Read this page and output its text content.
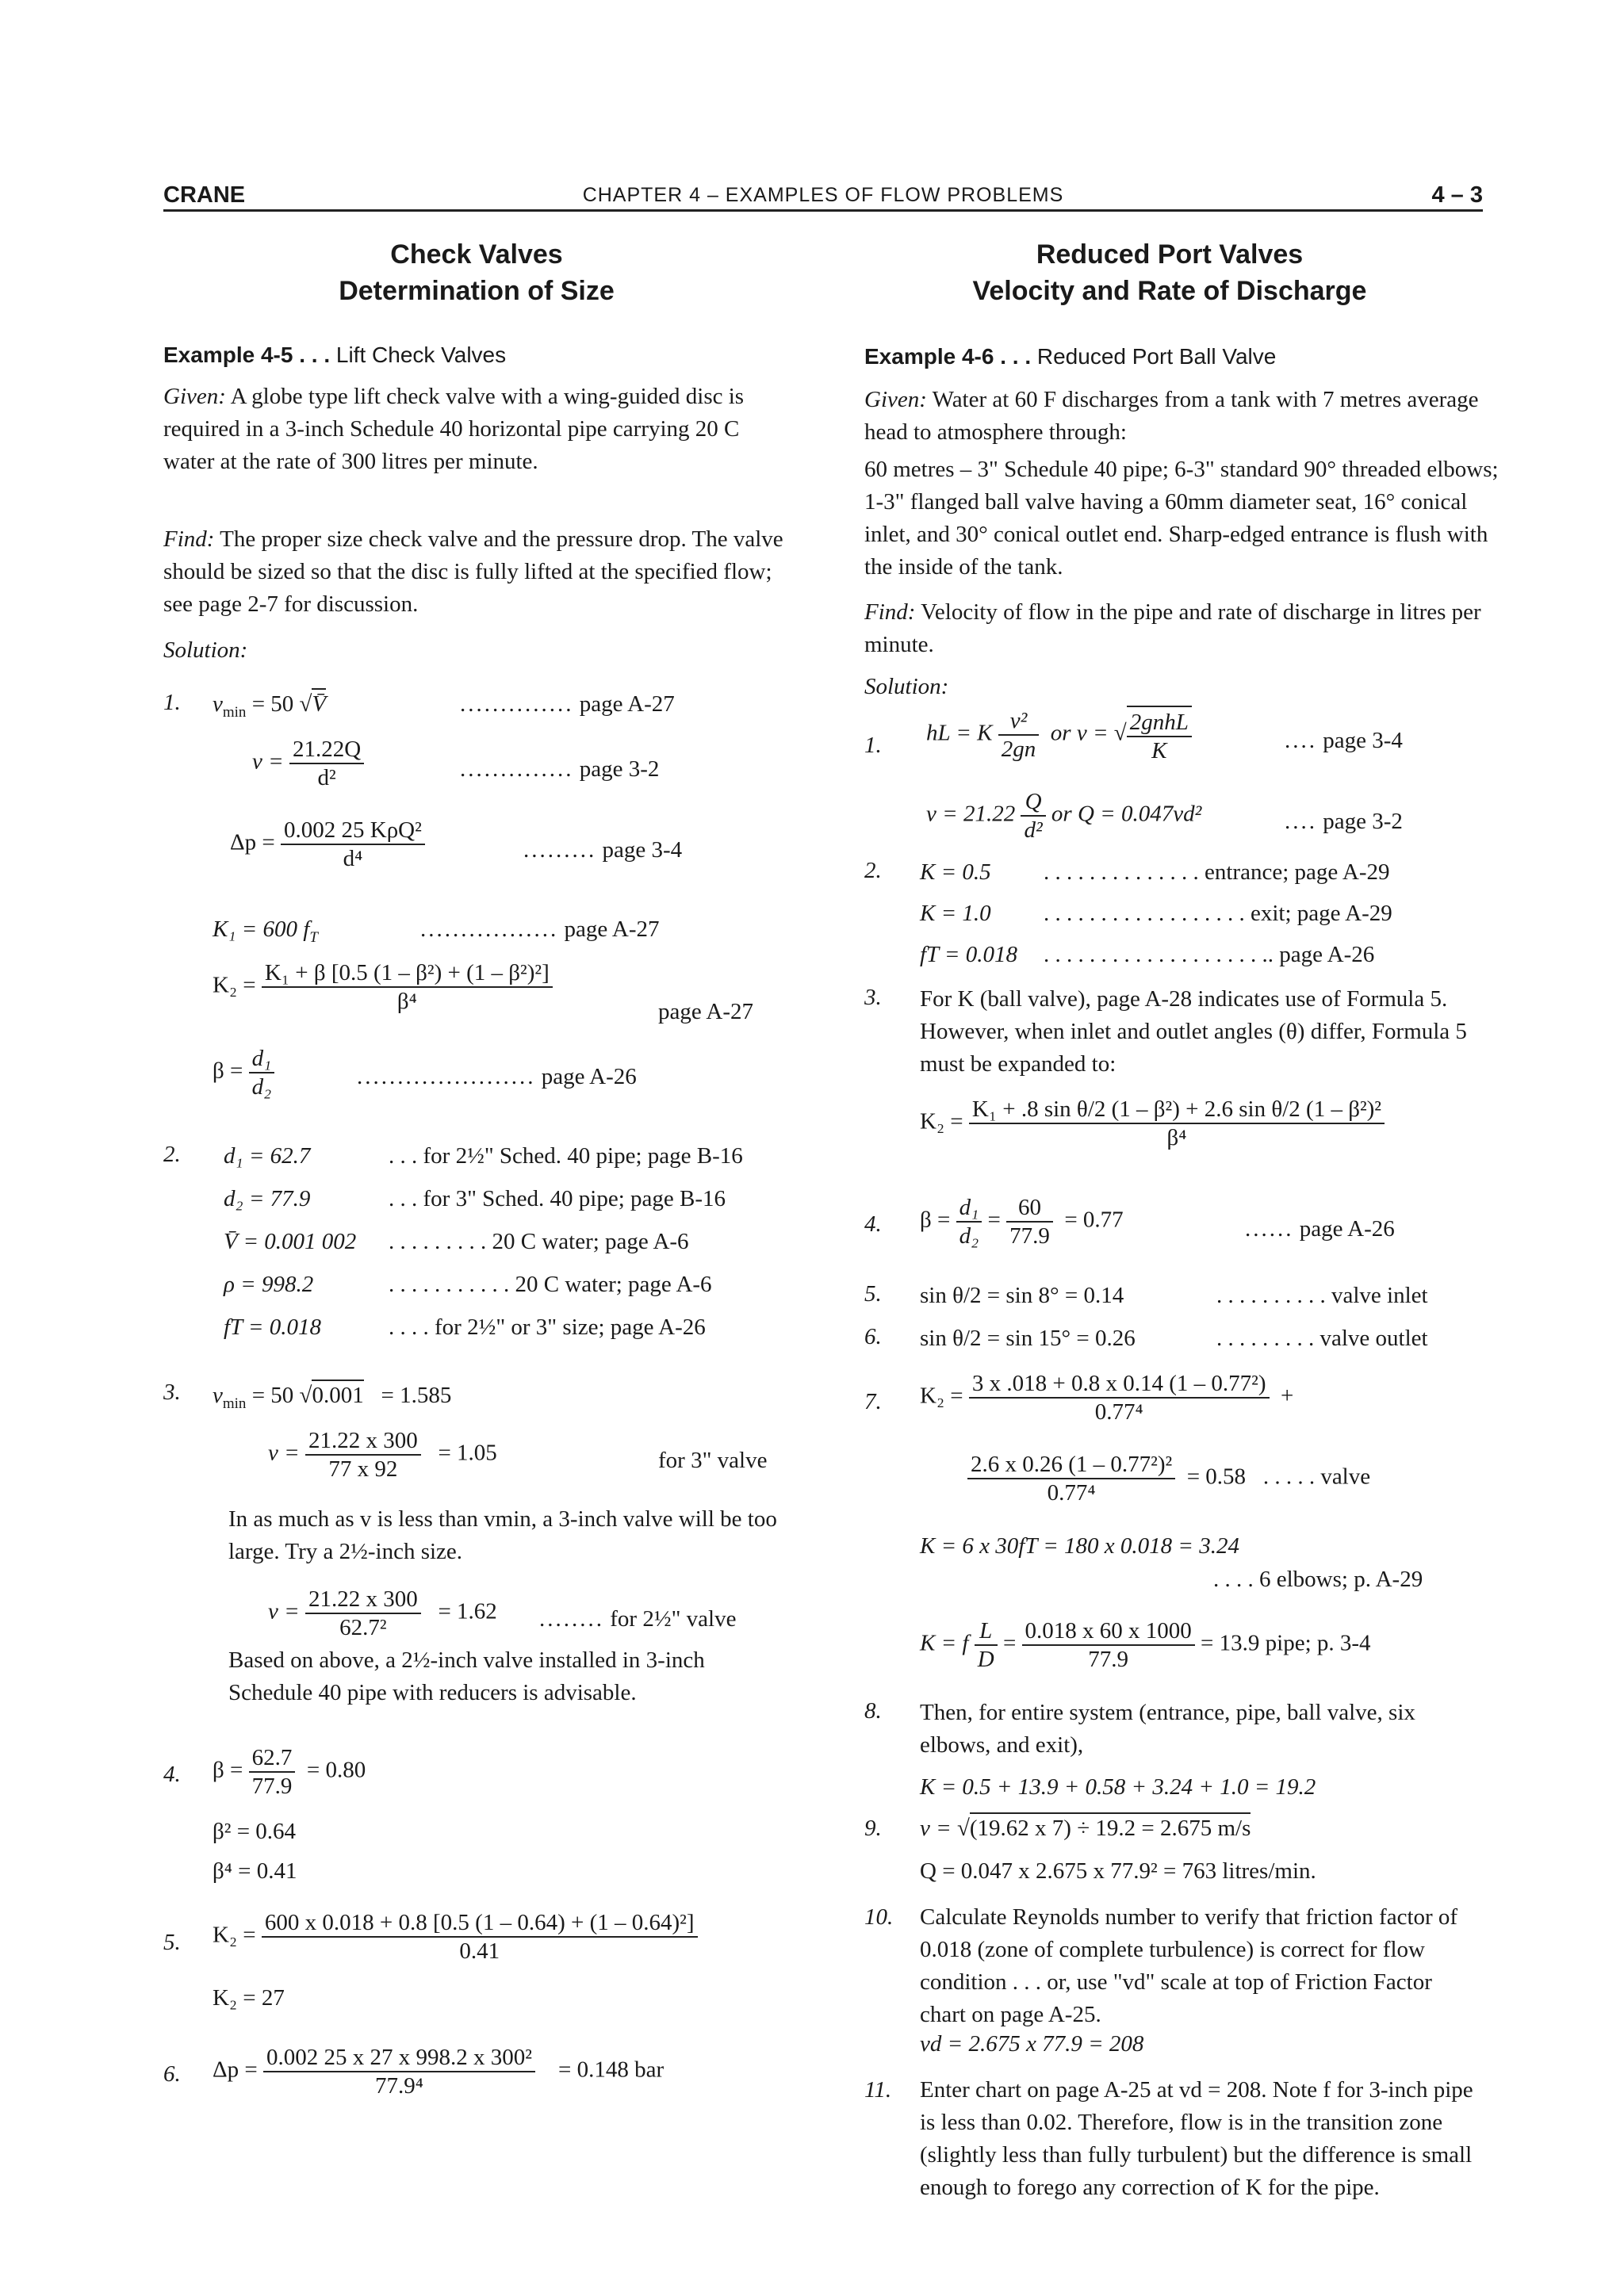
CRANE	CHAPTER 4 – EXAMPLES OF FLOW PROBLEMS	4 – 3
Check Valves
Determination of Size
Example 4-5 . . . Lift Check Valves
Given: A globe type lift check valve with a wing-guided disc is required in a 3-inch Schedule 40 horizontal pipe carrying 20 C water at the rate of 300 litres per minute.
Find: The proper size check valve and the pressure drop. The valve should be sized so that the disc is fully lifted at the specified flow; see page 2-7 for discussion.
Solution:
1. $v_{min} = 50$ √V̄	.............. page A-27
$v = \frac{21.22Q}{\text{d²}}$	.............. page 3-2
$\Delta p = \frac{\text{0.002 25 KρQ²}}{\text{d⁴}}$	......... page 3-4
K₁ = 600 $f_T$	................. page A-27
$K_2 = \frac{\text{K₁ + β [0.5 (1 – β²) + (1 – β²)²]}}{\text{β⁴}}$	page A-27
$\beta = \frac{\text{d₁}}{\text{d₂}}$	...................... page A-26
2. d₁ = 62.7	. . . for 2½" Sched. 40 pipe; page B-16
d₂ = 77.9	. . . for 3" Sched. 40 pipe; page B-16
V̄ = 0.001 002 . . . . . . . . . 20 C water; page A-6
ρ = 998.2	. . . . . . . . . . . 20 C water; page A-6
fT = 0.018	. . . . for 2½" or 3" size; page A-26
3. $v_{min} = 50$ √0.001 = 1.585
$v = \frac{21.22 x 300}{77 x 92} = 1.05$	for 3" valve
In as much as v is less than vmin, a 3-inch valve will be too large. Try a 2½-inch size.
$v = \frac{21.22 x 300}{\text{62.7²}} = 1.62$ ........ for 2½" valve
Based on above, a 2½-inch valve installed in 3-inch Schedule 40 pipe with reducers is advisable.
4. $\beta = \frac{62.7}{77.9} = 0.80$
β² = 0.64
β⁴ = 0.41
5. $K_2 = \frac{\text{600 x 0.018 + 0.8 [0.5 (1 – 0.64) + (1 – 0.64)²]}}{0.41}$
K₂ = 27
6. $\Delta p = \frac{\text{0.002 25 x 27 x 998.2 x 300²}}{\text{77.9⁴}} = 0.148$ bar
Reduced Port Valves
Velocity and Rate of Discharge
Example 4-6 . . . Reduced Port Ball Valve
Given: Water at 60 F discharges from a tank with 7 metres average head to atmosphere through:
60 metres – 3" Schedule 40 pipe; 6-3" standard 90° threaded elbows; 1-3" flanged ball valve having a 60mm diameter seat, 16° conical inlet, and 30° conical outlet end. Sharp-edged entrance is flush with the inside of the tank.
Find: Velocity of flow in the pipe and rate of discharge in litres per minute.
Solution:
1. hL = K $\frac{\text{v²}}{2gn}$ or v = √ $\frac{\text{2gnhL}}{K}$	.... page 3-4
$v = 21.22 \frac{Q}{\text{d²}}$ or Q = 0.047vd²	.... page 3-2
2. K = 0.5 . . . . . . . . . . . . . . entrance; page A-29
K = 1.0 . . . . . . . . . . . . . . . . . . exit; page A-29
fT = 0.018 . . . . . . . . . . . . . . . . . . . .. page A-26
3. For K (ball valve), page A-28 indicates use of Formula 5. However, when inlet and outlet angles (θ) differ, Formula 5 must be expanded to:
$K_2 = \frac{\text{K₁ + .8 sin θ/2 (1 – β²) + 2.6 sin θ/2 (1 – β²)²}}{\text{β⁴}}$
4. $\beta = \frac{\text{d₁}}{\text{d₂}} = \frac{60}{77.9} = 0.77$	...... page A-26
5. sin θ/2 = sin 8° = 0.14	. . . . . . . . . . valve inlet
6. sin θ/2 = sin 15° = 0.26	. . . . . . . . . valve outlet
7. $K_2 = \frac{\text{3 x .018 + 0.8 x 0.14 (1 – 0.77²)}}{\text{0.77⁴}}$ +
$\frac{\text{2.6 x 0.26 (1 – 0.77²)²}}{\text{0.77⁴}} = 0.58$ . . . . . valve
K = 6 x 30fT = 180 x 0.018 = 3.24
. . . . 6 elbows; p. A-29
K = f $\frac{L}{D} = \frac{0.018 x 60 x 1000}{77.9} = 13.9$ pipe; p. 3-4
8. Then, for entire system (entrance, pipe, ball valve, six elbows, and exit),
K = 0.5 + 13.9 + 0.58 + 3.24 + 1.0 = 19.2
9. v = √(19.62 x 7) ÷ 19.2 = 2.675 m/s
Q = 0.047 x 2.675 x 77.9² = 763 litres/min.
10. Calculate Reynolds number to verify that friction factor of 0.018 (zone of complete turbulence) is correct for flow condition . . . or, use "vd" scale at top of Friction Factor chart on page A-25.
vd = 2.675 x 77.9 = 208
11. Enter chart on page A-25 at vd = 208. Note f for 3-inch pipe is less than 0.02. Therefore, flow is in the transition zone (slightly less than fully turbulent) but the difference is small enough to forego any correction of K for the pipe.
